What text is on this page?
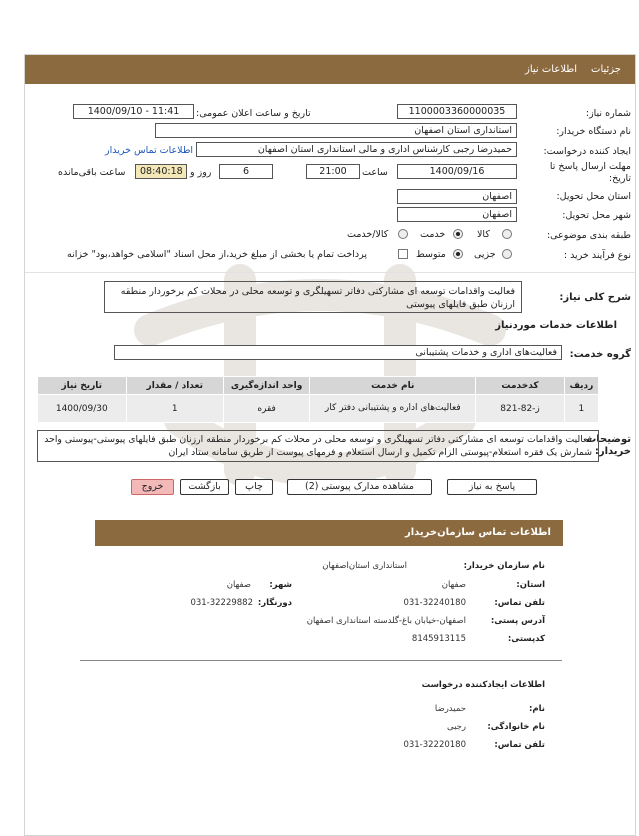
جزئیات
اطلاعات نیاز
شماره نیاز:
1100003360000035
تاریخ و ساعت اعلان عمومی:
1400/09/10 - 11:41
نام دستگاه خریدار:
استانداری استان اصفهان
ایجاد کننده درخواست:
حمیدرضا رجبی کارشناس اداری و مالی استانداری استان اصفهان
اطلاعات تماس خریدار
مهلت ارسال پاسخ تا تاریخ:
1400/09/16
ساعت
21:00
6
روز و
08:40:18
ساعت باقی‌مانده
استان محل تحویل:
اصفهان
شهر محل تحویل:
اصفهان
طبقه بندی موضوعی:
کالا
خدمت
کالا/خدمت
نوع فرآیند خرید :
جزیی
متوسط
پرداخت تمام یا بخشی از مبلغ خرید،از محل اسناد "اسلامی خواهد،بود" خزانه
شرح کلی نیاز:
فعالیت واقدامات توسعه ای مشارکتی دفاتر تسهیلگری و توسعه محلی در محلات کم برخوردار منطقه ارزنان طبق فایلهای پیوستی
اطلاعات خدمات موردنیاز
گروه خدمت:
فعالیت‌های اداری و خدمات پشتیبانی
ردیف	کدخدمت	نام خدمت	واحد اندازه‌گیری	تعداد / مقدار	تاریخ نیاز
1	ز-82-821	فعالیت‌های اداره و پشتیبانی دفتر کار	فقره	1	1400/09/30
توضیحات خریدار:
فعالیت واقدامات توسعه ای مشارکتی دفاتر تسهیلگری و توسعه محلی در محلات کم برخوردار منطقه ارزنان طبق فایلهای پیوستی-پیوستی واحد شمارش یک فقره استعلام-پیوستی الزام تکمیل و ارسال استعلام و فرمهای پیوست از طریق سامانه ستاد ایران
پاسخ به نیاز
مشاهده مدارک پیوستی (2)
چاپ
بازگشت
خروج
اطلاعات تماس سازمان‌خریدار
نام سازمان خریدار:
استانداری استان‌اصفهان
استان:
صفهان
شهر:
صفهان
تلفن تماس:
031-32240180
دورنگار:
031-32229882
آدرس پستی:
اصفهان-خیابان باغ-گلدسته استانداری اصفهان
کدپستی:
8145913115
اطلاعات ایجادکننده درخواست
نام:
حمیدرضا
نام خانوادگی:
رجبی
تلفن تماس:
031-32220180
